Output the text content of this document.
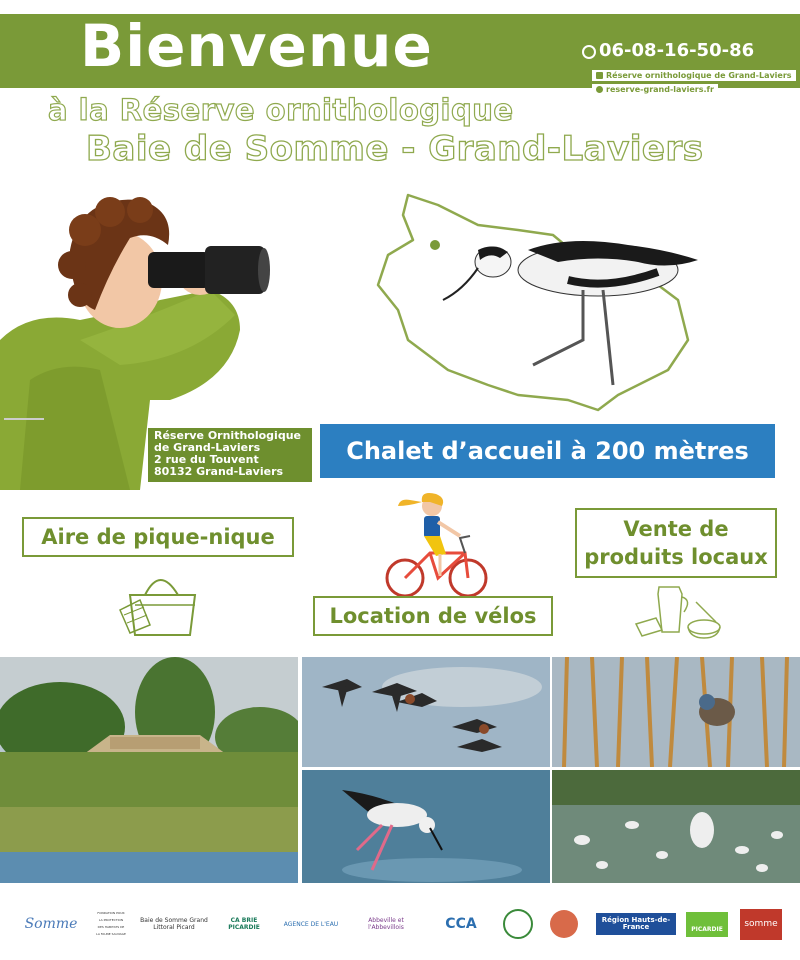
Bienvenue	06-08-16-50-86
Réserve ornithologique de Grand-Laviers
reserve-grand-laviers.fr
à la Réserve ornithologique
Baie de Somme - Grand-Laviers
Réserve Ornithologique
de Grand-Laviers
2 rue du Touvent
80132 Grand-Laviers
Chalet d’accueil à 200 mètres
Aire de pique-nique
Location de vélos
Vente de
produits locaux
Somme
FONDATION POUR LA PROTECTION DES HABITATS DE LA FAUNE SAUVAGE
Baie de Somme Grand Littoral Picard
CA BRIE PICARDIE	AGENCE DE L'EAU	Abbeville et l'Abbevillois	CCA	Région Hauts-de-France	PICARDIE
somme
